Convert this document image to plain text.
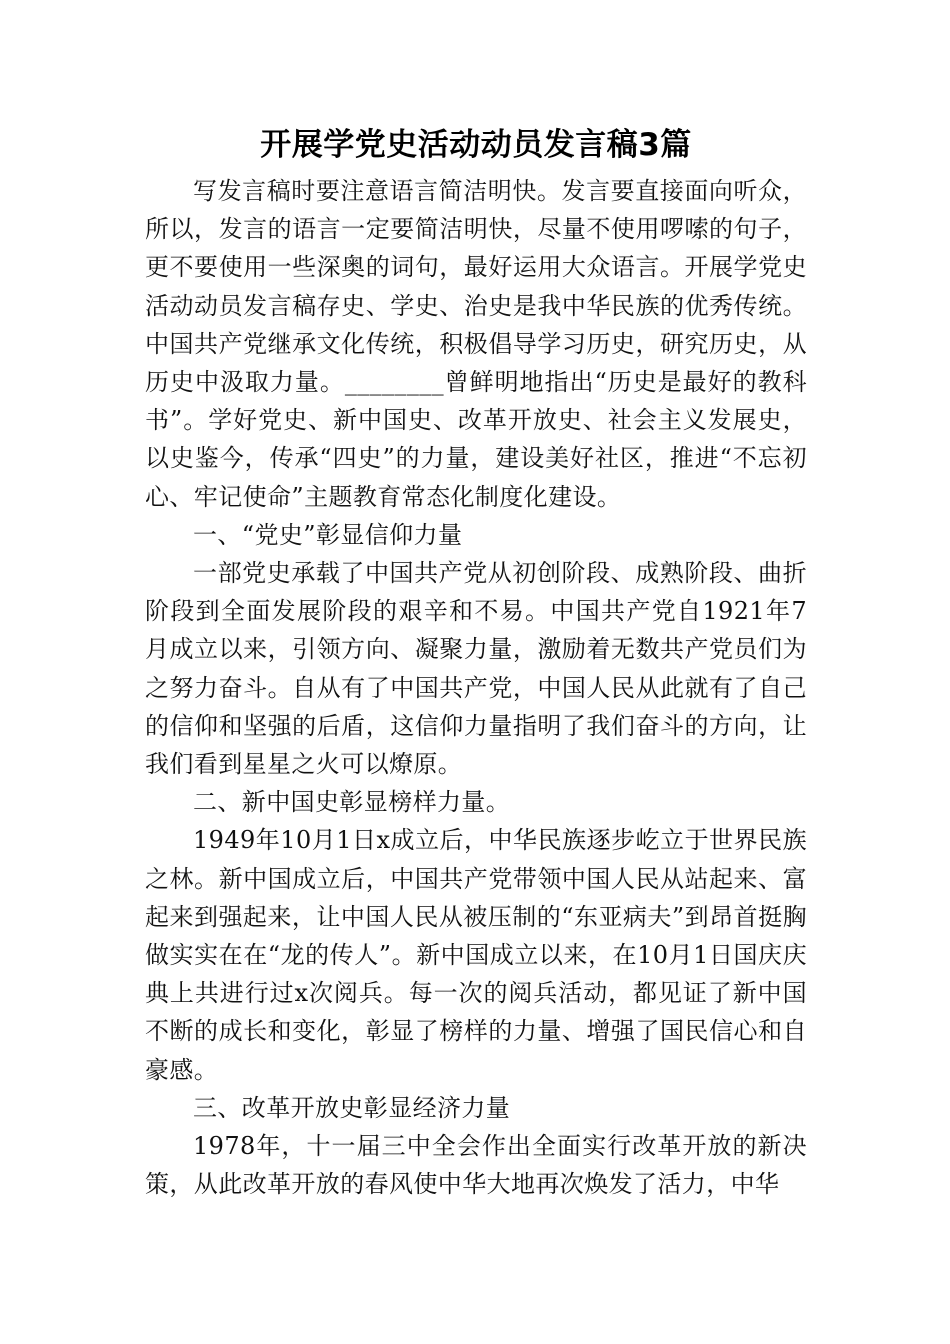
开展学党史活动动员发言稿3篇

写发言稿时要注意语言简洁明快。发言要直接面向听众，所以，发言的语言一定要简洁明快，尽量不使用啰嗦的句子，更不要使用一些深奥的词句，最好运用大众语言。开展学党史活动动员发言稿存史、学史、治史是我中华民族的优秀传统。中国共产党继承文化传统，积极倡导学习历史，研究历史，从历史中汲取力量。________曾鲜明地指出“历史是最好的教科书”。学好党史、新中国史、改革开放史、社会主义发展史，以史鉴今，传承“四史”的力量，建设美好社区，推进“不忘初心、牢记使命”主题教育常态化制度化建设。

一、“党史”彰显信仰力量

一部党史承载了中国共产党从初创阶段、成熟阶段、曲折阶段到全面发展阶段的艰辛和不易。中国共产党自1921年7月成立以来，引领方向、凝聚力量，激励着无数共产党员们为之努力奋斗。自从有了中国共产党，中国人民从此就有了自己的信仰和坚强的后盾，这信仰力量指明了我们奋斗的方向，让我们看到星星之火可以燎原。

二、新中国史彰显榜样力量。

1949年10月1日x成立后，中华民族逐步屹立于世界民族之林。新中国成立后，中国共产党带领中国人民从站起来、富起来到强起来，让中国人民从被压制的“东亚病夫”到昂首挺胸做实实在在“龙的传人”。新中国成立以来，在10月1日国庆庆典上共进行过x次阅兵。每一次的阅兵活动，都见证了新中国不断的成长和变化，彰显了榜样的力量、增强了国民信心和自豪感。

三、改革开放史彰显经济力量

1978年，十一届三中全会作出全面实行改革开放的新决策，从此改革开放的春风使中华大地再次焕发了活力，中华
